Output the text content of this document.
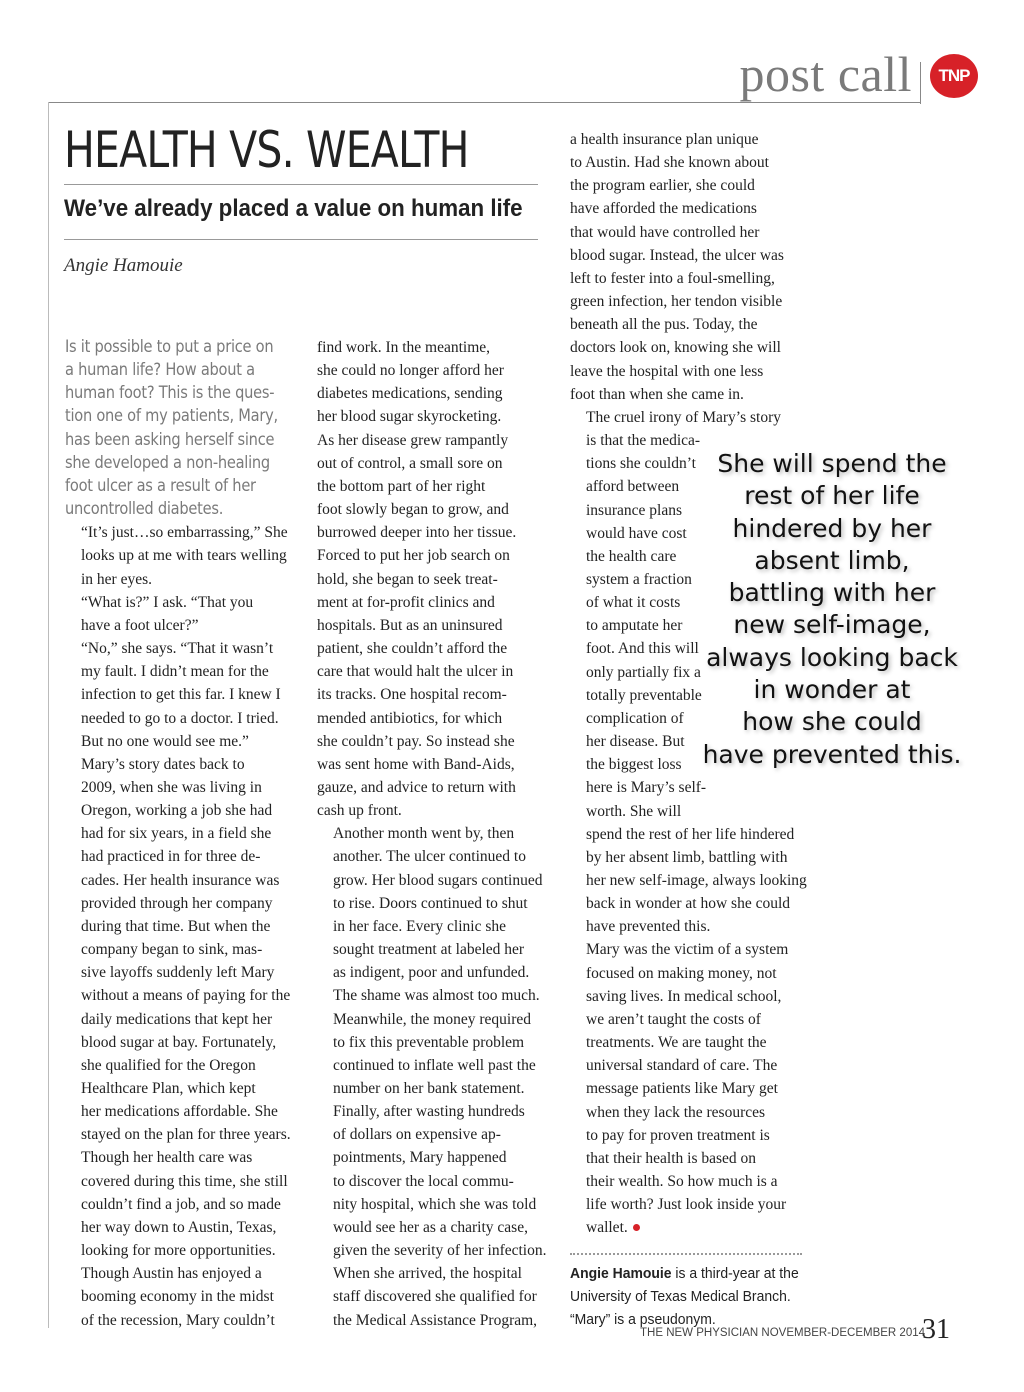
post call	TNP
HEALTH VS. WEALTH
We’ve already placed a value on human life
Angie Hamouie

Is it possible to put a price on
a human life? How about a
human foot? This is the ques-
tion one of my patients, Mary,
has been asking herself since
she developed a non-healing
foot ulcer as a result of her
uncontrolled diabetes.

“It’s just…so embarrassing,” She
looks up at me with tears welling
in her eyes.

“What is?” I ask. “That you
have a foot ulcer?”

“No,” she says. “That it wasn’t
my fault. I didn’t mean for the
infection to get this far. I knew I
needed to go to a doctor. I tried.
But no one would see me.”

Mary’s story dates back to
2009, when she was living in
Oregon, working a job she had
had for six years, in a field she
had practiced in for three de-
cades. Her health insurance was
provided through her company
during that time. But when the
company began to sink, mas-
sive layoffs suddenly left Mary
without a means of paying for the
daily medications that kept her
blood sugar at bay. Fortunately,
she qualified for the Oregon
Healthcare Plan, which kept
her medications affordable. She
stayed on the plan for three years.
Though her health care was
covered during this time, she still
couldn’t find a job, and so made
her way down to Austin, Texas,
looking for more opportunities.

Though Austin has enjoyed a
booming economy in the midst
of the recession, Mary couldn’t

find work. In the meantime,
she could no longer afford her
diabetes medications, sending
her blood sugar skyrocketing.
As her disease grew rampantly
out of control, a small sore on
the bottom part of her right
foot slowly began to grow, and
burrowed deeper into her tissue.
Forced to put her job search on
hold, she began to seek treat-
ment at for-profit clinics and
hospitals. But as an uninsured
patient, she couldn’t afford the
care that would halt the ulcer in
its tracks. One hospital recom-
mended antibiotics, for which
she couldn’t pay. So instead she
was sent home with Band-Aids,
gauze, and advice to return with
cash up front.

Another month went by, then
another. The ulcer continued to
grow. Her blood sugars continued
to rise. Doors continued to shut
in her face. Every clinic she
sought treatment at labeled her
as indigent, poor and unfunded.
The shame was almost too much.
Meanwhile, the money required
to fix this preventable problem
continued to inflate well past the
number on her bank statement.

Finally, after wasting hundreds
of dollars on expensive ap-
pointments, Mary happened
to discover the local commu-
nity hospital, which she was told
would see her as a charity case,
given the severity of her infection.
When she arrived, the hospital
staff discovered she qualified for
the Medical Assistance Program,

a health insurance plan unique
to Austin. Had she known about
the program earlier, she could
have afforded the medications
that would have controlled her
blood sugar. Instead, the ulcer was
left to fester into a foul-smelling,
green infection, her tendon visible
beneath all the pus. Today, the
doctors look on, knowing she will
leave the hospital with one less
foot than when she came in.

The cruel irony of Mary’s story
is that the medica-
tions she couldn’t
afford between
insurance plans
would have cost
the health care
system a fraction
of what it costs
to amputate her
foot. And this will
only partially fix a
totally preventable
complication of
her disease. But
the biggest loss
here is Mary’s self-
worth. She will
spend the rest of her life hindered
by her absent limb, battling with
her new self-image, always looking
back in wonder at how she could
have prevented this.

Mary was the victim of a system
focused on making money, not
saving lives. In medical school,
we aren’t taught the costs of
treatments. We are taught the
universal standard of care. The
message patients like Mary get
when they lack the resources
to pay for proven treatment is
that their health is based on
their wealth. So how much is a
life worth? Just look inside your
wallet.

She will spend the
rest of her life
hindered by her
absent limb,
battling with her
new self-image,
always looking back
in wonder at
how she could
have prevented this.
Angie Hamouie is a third-year at the
University of Texas Medical Branch.
“Mary” is a pseudonym.
THE NEW PHYSICIAN NOVEMBER-DECEMBER 2014
31
